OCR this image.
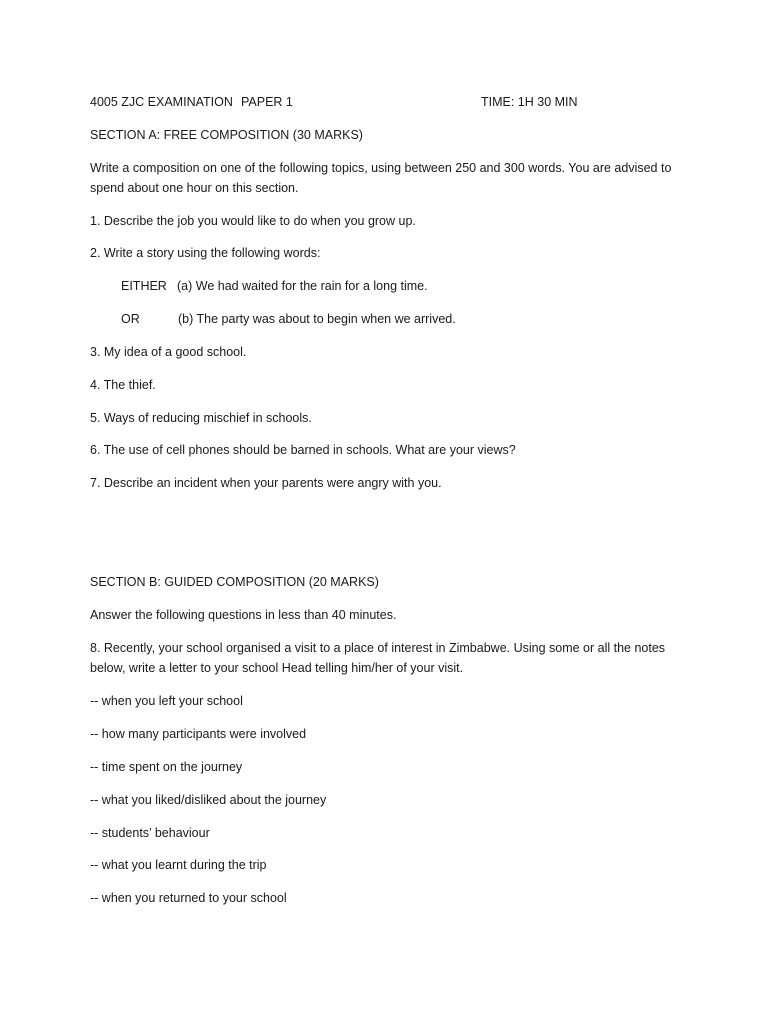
4005 ZJC EXAMINATION PAPER 1	TIME: 1H 30 MIN
SECTION A: FREE COMPOSITION (30 MARKS)
Write a composition on one of the following topics, using between 250 and 300 words. You are advised to spend about one hour on this section.
1. Describe the job you would like to do when you grow up.
2. Write a story using the following words:
EITHER (a) We had waited for the rain for a long time.
OR	(b) The party was about to begin when we arrived.
3. My idea of a good school.
4. The thief.
5. Ways of reducing mischief in schools.
6. The use of cell phones should be barned in schools. What are your views?
7. Describe an incident when your parents were angry with you.
SECTION B: GUIDED COMPOSITION (20 MARKS)
Answer the following questions in less than 40 minutes.
8. Recently, your school organised a visit to a place of interest in Zimbabwe. Using some or all the notes below, write a letter to your school Head telling him/her of your visit.
-- when you left your school
-- how many participants were involved
-- time spent on the journey
-- what you liked/disliked about the journey
-- students’ behaviour
-- what you learnt during the trip
-- when you returned to your school
